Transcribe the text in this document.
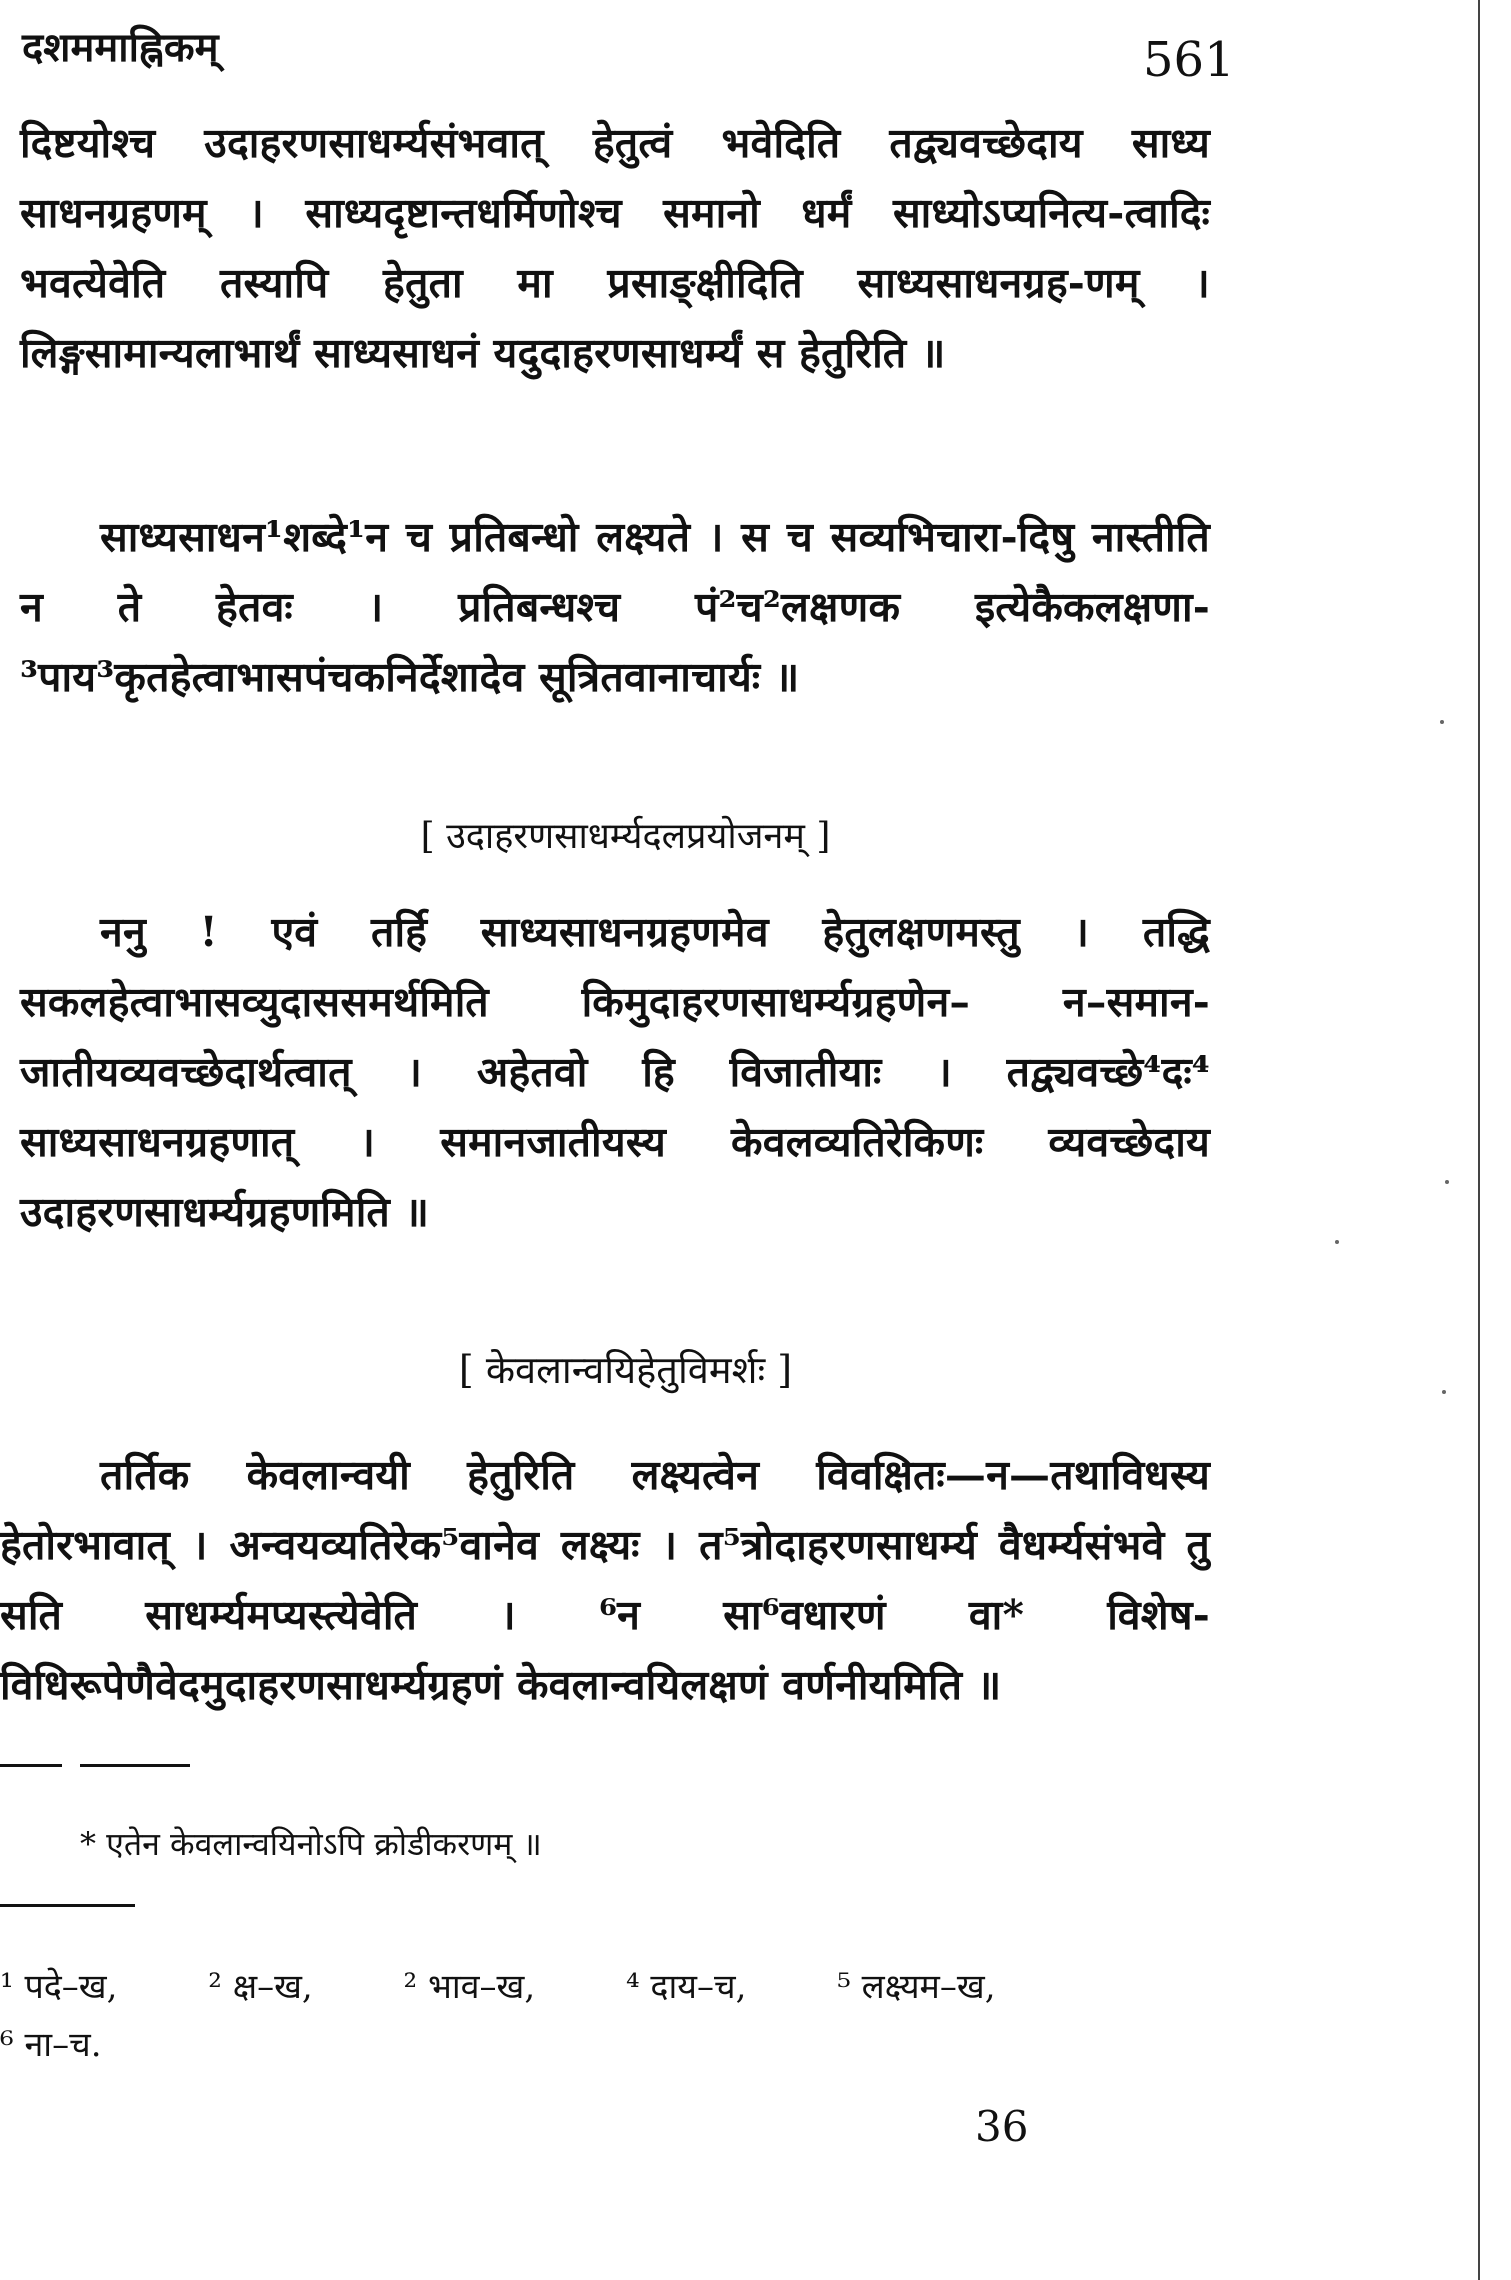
दशममाह्निकम्	561

दिष्टयोश्च उदाहरणसाधर्म्यसंभवात् हेतुत्वं भवेदिति तद्व्यवच्छेदाय साध्य साधनग्रहणम् । साध्यदृष्टान्तधर्मिणोश्च समानो धर्मं साध्योऽप्यनित्य-त्वादिः भवत्येवेति तस्यापि हेतुता मा प्रसाङ्क्षीदिति साध्यसाधनग्रह-णम् । लिङ्गसामान्यलाभार्थं साध्यसाधनं यदुदाहरणसाधर्म्यं स हेतुरिति ॥

साध्यसाधन¹शब्दे¹न च प्रतिबन्धो लक्ष्यते । स च सव्यभिचारा-दिषु नास्तीति न ते हेतवः । प्रतिबन्धश्च पं²च²लक्षणक इत्येकैकलक्षणा-³पाय³कृतहेत्वाभासपंचकनिर्देशादेव सूत्रितवानाचार्यः ॥

[ उदाहरणसाधर्म्यदलप्रयोजनम् ]

ननु ! एवं तर्हि साध्यसाधनग्रहणमेव हेतुलक्षणमस्तु । तद्धि सकलहेत्वाभासव्युदाससमर्थमिति किमुदाहरणसाधर्म्यग्रहणेन– न–समान-जातीयव्यवच्छेदार्थत्वात् । अहेतवो हि विजातीयाः । तद्व्यवच्छे⁴दः⁴ साध्यसाधनग्रहणात् । समानजातीयस्य केवलव्यतिरेकिणः व्यवच्छेदाय उदाहरणसाधर्म्यग्रहणमिति ॥

[ केवलान्वयिहेतुविमर्शः ]

तर्तिक केवलान्वयी हेतुरिति लक्ष्यत्वेन विवक्षितः—न—तथाविधस्य हेतोरभावात् । अन्वयव्यतिरेक⁵वानेव लक्ष्यः । त⁵त्रोदाहरणसाधर्म्य वैधर्म्यसंभवे तु सति साधर्म्यमप्यस्त्येवेति । ⁶न सा⁶वधारणं वा* विशेष-विधिरूपेणैवेदमुदाहरणसाधर्म्यग्रहणं केवलान्वयिलक्षणं वर्णनीयमिति ॥

* एतेन केवलान्वयिनोऽपि क्रोडीकरणम् ॥
¹ पदे–ख,	² क्ष–ख,	² भाव–ख,	⁴ दाय–च,	⁵ लक्ष्यम–ख, ⁶ ना–च.
36
